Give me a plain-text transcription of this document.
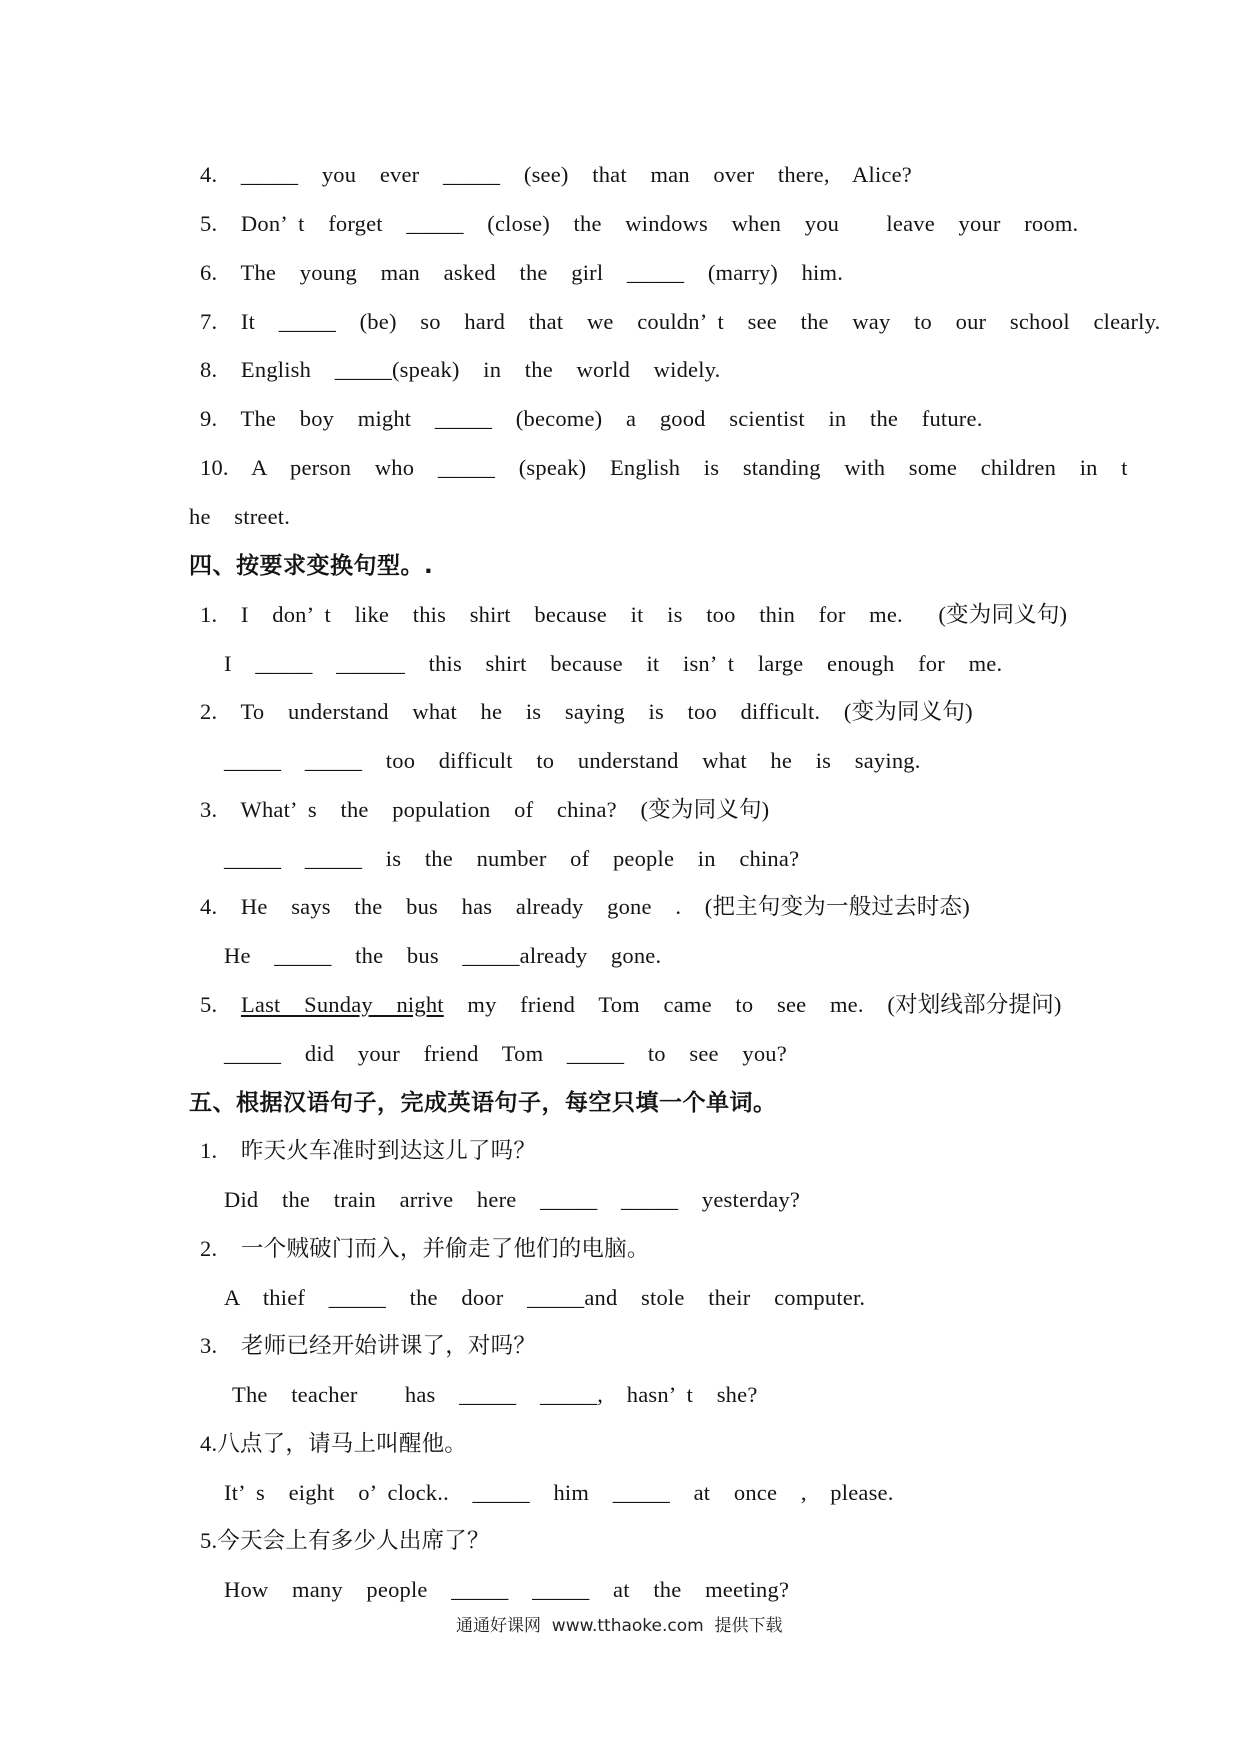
4.  _____  you  ever  _____  (see)  that  man  over  there,  Alice?
5.  Don’ t  forget  _____  (close)  the  windows  when  you    leave  your  room.
6.  The  young  man  asked  the  girl  _____  (marry)  him.
7.  It  _____  (be)  so  hard  that  we  couldn’ t  see  the  way  to  our  school  clearly.
8.  English  _____(speak)  in  the  world  widely.
9.  The  boy  might  _____  (become)  a  good  scientist  in  the  future.
10.  A  person  who  _____  (speak)  English  is  standing  with  some  children  in  t
he  street.
四、按要求变换句型。.
1.  I  don’ t  like  this  shirt  because  it  is  too  thin  for  me.   (变为同义句)
I  _____  ______  this  shirt  because  it  isn’ t  large  enough  for  me.
2.  To  understand  what  he  is  saying  is  too  difficult.  (变为同义句)
_____  _____  too  difficult  to  understand  what  he  is  saying.
3.  What’ s  the  population  of  china?  (变为同义句)
_____  _____  is  the  number  of  people  in  china?
4.  He  says  the  bus  has  already  gone  .  (把主句变为一般过去时态)
He  _____  the  bus  _____already  gone.
5.  Last  Sunday  night  my  friend  Tom  came  to  see  me.  (对划线部分提问)
_____  did  your  friend  Tom  _____  to  see  you?
五、根据汉语句子，完成英语句子，每空只填一个单词。
1.  昨天火车准时到达这儿了吗？
Did  the  train  arrive  here  _____  _____  yesterday?
2.  一个贼破门而入，并偷走了他们的电脑。
A  thief  _____  the  door  _____and  stole  their  computer.
3.  老师已经开始讲课了，对吗？
The  teacher    has  _____  _____,  hasn’ t  she?
4.八点了，请马上叫醒他。
It’ s  eight  o’ clock..  _____  him  _____  at  once  ,  please.
5.今天会上有多少人出席了？
How  many  people  _____  _____  at  the  meeting?
通通好课网  www.tthaoke.com  提供下载
